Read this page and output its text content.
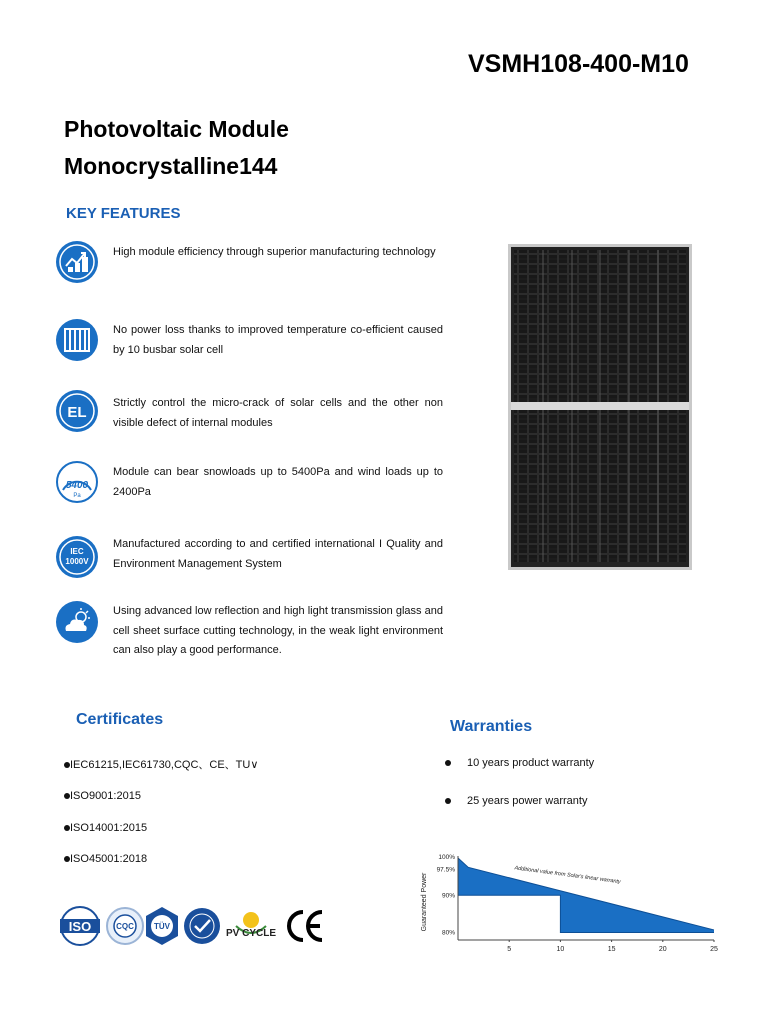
VSMH108-400-M10
Photovoltaic Module
Monocrystalline144
KEY FEATURES
High module efficiency through superior manufacturing technology
No power loss thanks to improved temperature co-efficient caused by 10 busbar solar cell
EL
Strictly control the micro-crack of solar cells and the other non visible defect of internal modules
5400
Pa
Module can bear snowloads up to 5400Pa and wind loads up to 2400Pa
IEC
1000V
Manufactured according to and certified international I Quality and Environment Management System
Using advanced low reflection and high light transmission glass and cell sheet surface cutting technology, in the weak light environment can also play a good performance.
Certificates
IEC61215,IEC61730,CQC、CE、TU∨
ISO9001:2015
ISO14001:2015
ISO45001:2018
ISO	CQC	TÜV
PV CYCLE
Warranties
10 years product warranty
25 years power warranty
Guaranteed Power
100%
97.5%
90%
80%
5	10	15	20	25
Additional value from Solar's linear warranty
